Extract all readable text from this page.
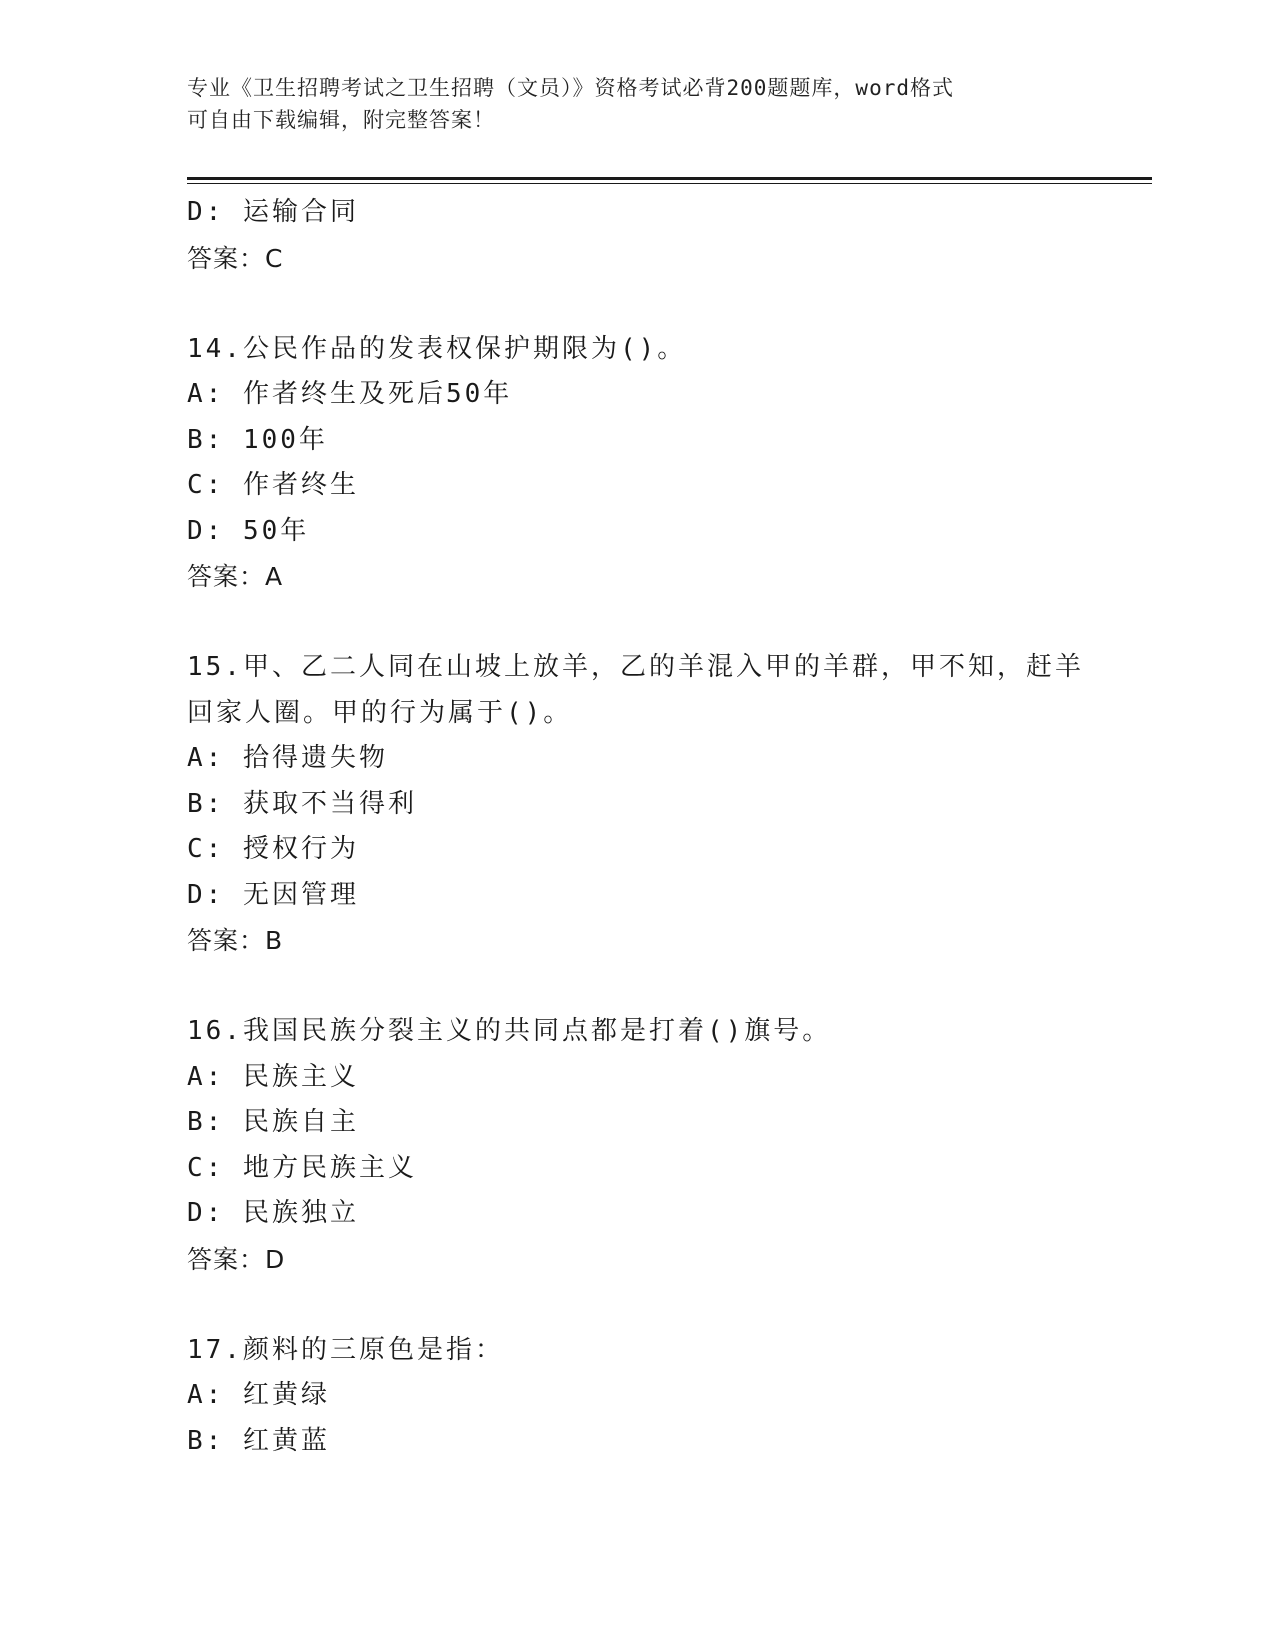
专业《卫生招聘考试之卫生招聘（文员）》资格考试必背200题题库，word格式
可自由下载编辑，附完整答案！
D: 运输合同
答案：C
14.公民作品的发表权保护期限为()。
A: 作者终生及死后50年
B: 100年
C: 作者终生
D: 50年
答案：A
15.甲、乙二人同在山坡上放羊，乙的羊混入甲的羊群，甲不知，赶羊
回家人圈。甲的行为属于()。
A: 拾得遗失物
B: 获取不当得利
C: 授权行为
D: 无因管理
答案：B
16.我国民族分裂主义的共同点都是打着()旗号。
A: 民族主义
B: 民族自主
C: 地方民族主义
D: 民族独立
答案：D
17.颜料的三原色是指：
A: 红黄绿
B: 红黄蓝
